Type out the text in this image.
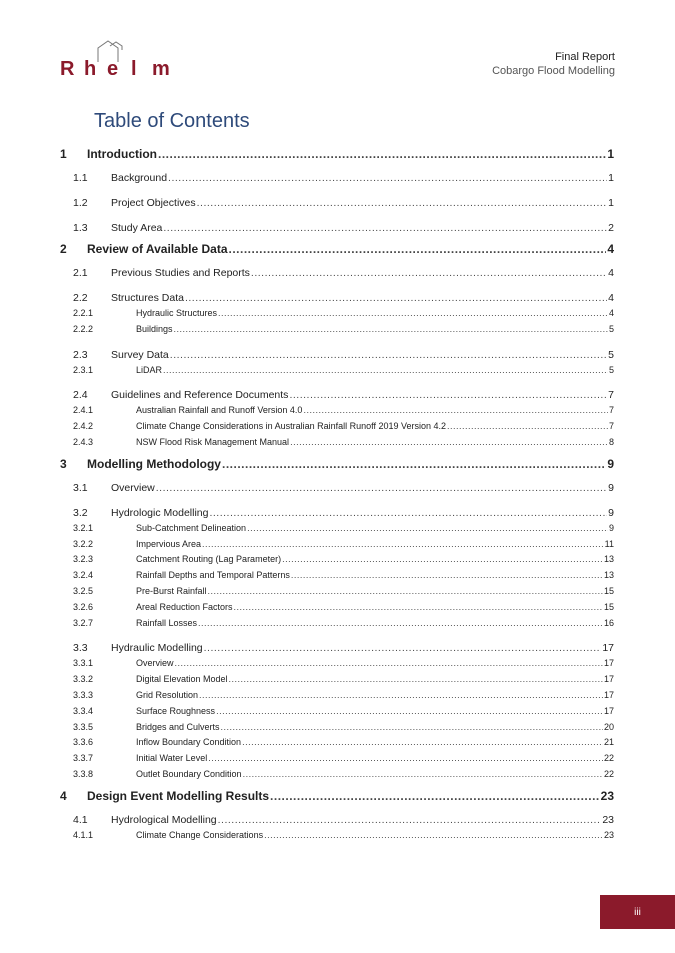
R h e l m
Final Report
Cobargo Flood Modelling
Table of Contents
1	Introduction .....	1
1.1	Background .....	1
1.2	Project Objectives .....	1
1.3	Study Area .....	2
2	Review of Available Data .....	4
2.1	Previous Studies and Reports .....	4
2.2	Structures Data .....	4
2.2.1	Hydraulic Structures .....	4
2.2.2	Buildings .....	5
2.3	Survey Data .....	5
2.3.1	LiDAR .....	5
2.4	Guidelines and Reference Documents .....	7
2.4.1	Australian Rainfall and Runoff Version 4.0 .....	7
2.4.2	Climate Change Considerations in Australian Rainfall Runoff 2019 Version 4.2 .....	7
2.4.3	NSW Flood Risk Management Manual .....	8
3	Modelling Methodology .....	9
3.1	Overview .....	9
3.2	Hydrologic Modelling .....	9
3.2.1	Sub-Catchment Delineation .....	9
3.2.2	Impervious Area .....	11
3.2.3	Catchment Routing (Lag Parameter) .....	13
3.2.4	Rainfall Depths and Temporal Patterns .....	13
3.2.5	Pre-Burst Rainfall .....	15
3.2.6	Areal Reduction Factors .....	15
3.2.7	Rainfall Losses .....	16
3.3	Hydraulic Modelling .....	17
3.3.1	Overview .....	17
3.3.2	Digital Elevation Model .....	17
3.3.3	Grid Resolution .....	17
3.3.4	Surface Roughness .....	17
3.3.5	Bridges and Culverts .....	20
3.3.6	Inflow Boundary Condition .....	21
3.3.7	Initial Water Level .....	22
3.3.8	Outlet Boundary Condition .....	22
4	Design Event Modelling Results .....	23
4.1	Hydrological Modelling .....	23
4.1.1	Climate Change Considerations .....	23
iii
